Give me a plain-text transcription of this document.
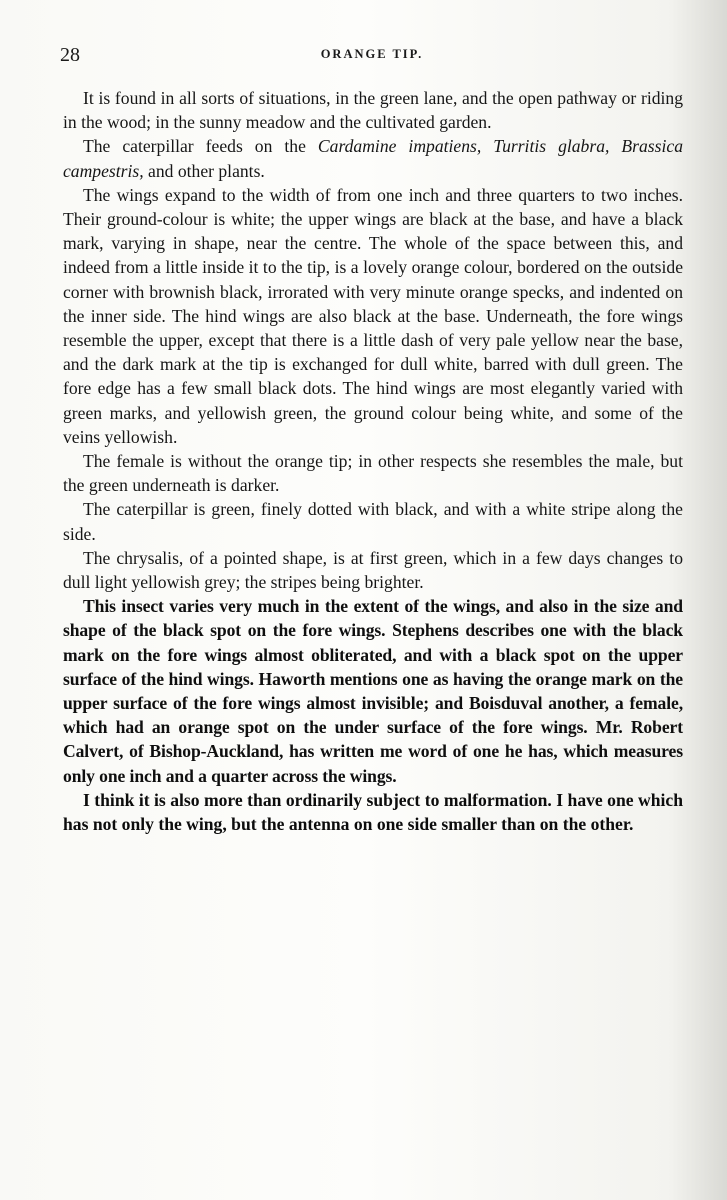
28	ORANGE TIP.

It is found in all sorts of situations, in the green lane, and the open pathway or riding in the wood; in the sunny meadow and the cultivated garden.

The caterpillar feeds on the Cardamine impatiens, Turritis glabra, Brassica campestris, and other plants.

The wings expand to the width of from one inch and three quarters to two inches. Their ground-colour is white; the upper wings are black at the base, and have a black mark, varying in shape, near the centre. The whole of the space between this, and indeed from a little inside it to the tip, is a lovely orange colour, bordered on the outside corner with brownish black, irrorated with very minute orange specks, and indented on the inner side. The hind wings are also black at the base. Underneath, the fore wings resemble the upper, except that there is a little dash of very pale yellow near the base, and the dark mark at the tip is exchanged for dull white, barred with dull green. The fore edge has a few small black dots. The hind wings are most elegantly varied with green marks, and yellowish green, the ground colour being white, and some of the veins yellowish.

The female is without the orange tip; in other respects she resembles the male, but the green underneath is darker.

The caterpillar is green, finely dotted with black, and with a white stripe along the side.

The chrysalis, of a pointed shape, is at first green, which in a few days changes to dull light yellowish grey; the stripes being brighter.

This insect varies very much in the extent of the wings, and also in the size and shape of the black spot on the fore wings. Stephens describes one with the black mark on the fore wings almost obliterated, and with a black spot on the upper surface of the hind wings. Haworth mentions one as having the orange mark on the upper surface of the fore wings almost invisible; and Boisduval another, a female, which had an orange spot on the under surface of the fore wings. Mr. Robert Calvert, of Bishop-Auckland, has written me word of one he has, which measures only one inch and a quarter across the wings.

I think it is also more than ordinarily subject to malformation. I have one which has not only the wing, but the antenna on one side smaller than on the other.
